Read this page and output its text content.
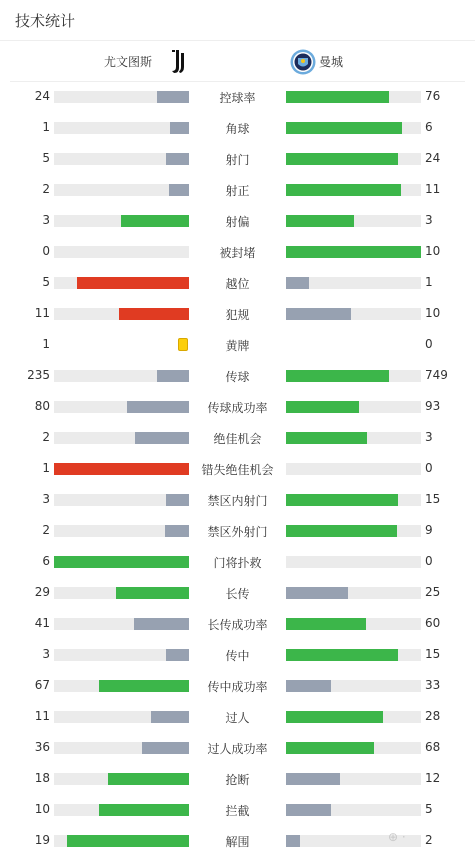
技术统计
尤文图斯	曼城
24	控球率	76
1	角球	6
5	射门	24
2	射正	11
3	射偏	3
0	被封堵	10
5	越位	1
11	犯规	10
1	黄牌	0
235	传球	749
80	传球成功率	93
2	绝佳机会	3
1	错失绝佳机会	0
3	禁区内射门	15
2	禁区外射门	9
6	门将扑救	0
29	长传	25
41	长传成功率	60
3	传中	15
67	传中成功率	33
11	过人	28
36	过人成功率	68
18	抢断	12
10	拦截	5
19	解围	2
⊕ ·
